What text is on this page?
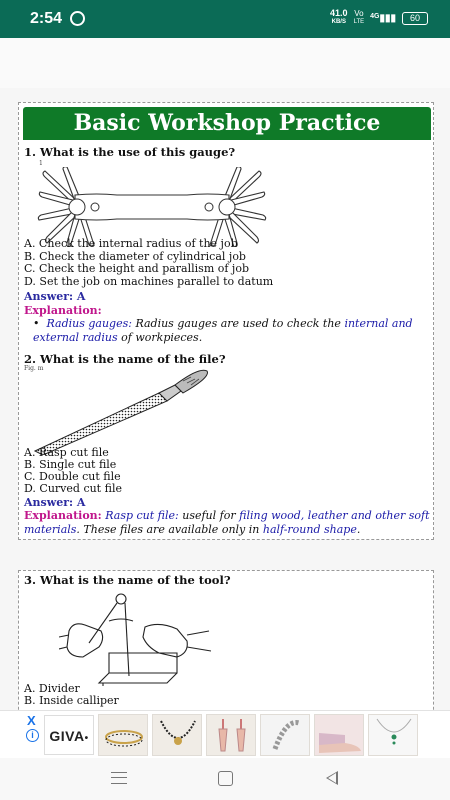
2:54	41.0
KB/S
Vo
LTE
$^{4G}$▮▮▮	60
Basic Workshop Practice
1. What is the use of this gauge?
1
A. Check the internal radius of the job
B. Check the diameter of cylindrical job
C. Check the height and parallism of job
D. Set the job on machines parallel to datum
Answer: A
Explanation:
•  Radius gauges: Radius gauges are used to check the internal and external radius of workpieces.
2. What is the name of the file?
Fig. m
A. Rasp cut file
B. Single cut file
C. Double cut file
D. Curved cut file
Answer: A
Explanation: Rasp cut file: useful for filing wood, leather and other soft materials. These files are available only in half-round shape.
3. What is the name of the tool?
A. Divider
B. Inside calliper
X
i	GIVA•
